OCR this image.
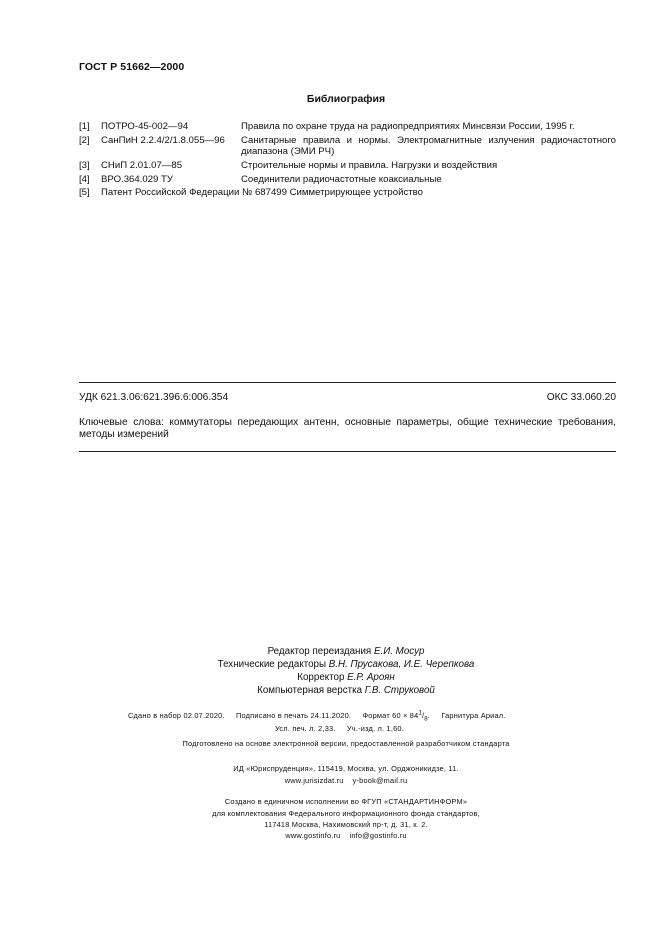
ГОСТ Р 51662—2000
Библиография
[1]	ПОТРО-45-002—94	Правила по охране труда на радиопредприятиях Минсвязи России, 1995 г.
[2]	СанПиН 2.2.4/2/1.8.055—96 Санитарные правила и нормы. Электромагнитные излучения радиочастотного диапазона (ЭМИ РЧ)
[3]	СНиП 2.01.07—85	Строительные нормы и правила. Нагрузки и воздействия
[4]	ВРО.364.029 ТУ	Соединители радиочастотные коаксиальные
[5]	Патент Российской Федерации № 687499 Симметрирующее устройство
УДК 621.3.06:621.396.6:006.354	ОКС 33.060.20
Ключевые слова: коммутаторы передающих антенн, основные параметры, общие технические требования, методы измерений
Редактор переиздания Е.И. Мосур
Технические редакторы В.Н. Прусакова, И.Е. Черепкова
Корректор Е.Р. Ароян
Компьютерная верстка Г.В. Струковой
Сдано в набор 02.07.2020. Подписано в печать 24.11.2020. Формат $60 \times 84^1/_8$. Гарнитура Ариал.
Усл. печ. л. 2,33. Уч.-изд. л. 1,60.
Подготовлено на основе электронной версии, предоставленной разработчиком стандарта
ИД «Юриспруденция», 115419, Москва, ул. Орджоникидзе, 11.
www.jurisizdat.ru y-book@mail.ru
Создано в единичном исполнении во ФГУП «СТАНДАРТИНФОРМ»
для комплектования Федерального информационного фонда стандартов,
117418 Москва, Нахимовский пр-т, д. 31, к. 2.
www.gostinfo.ru info@gostinfo.ru
